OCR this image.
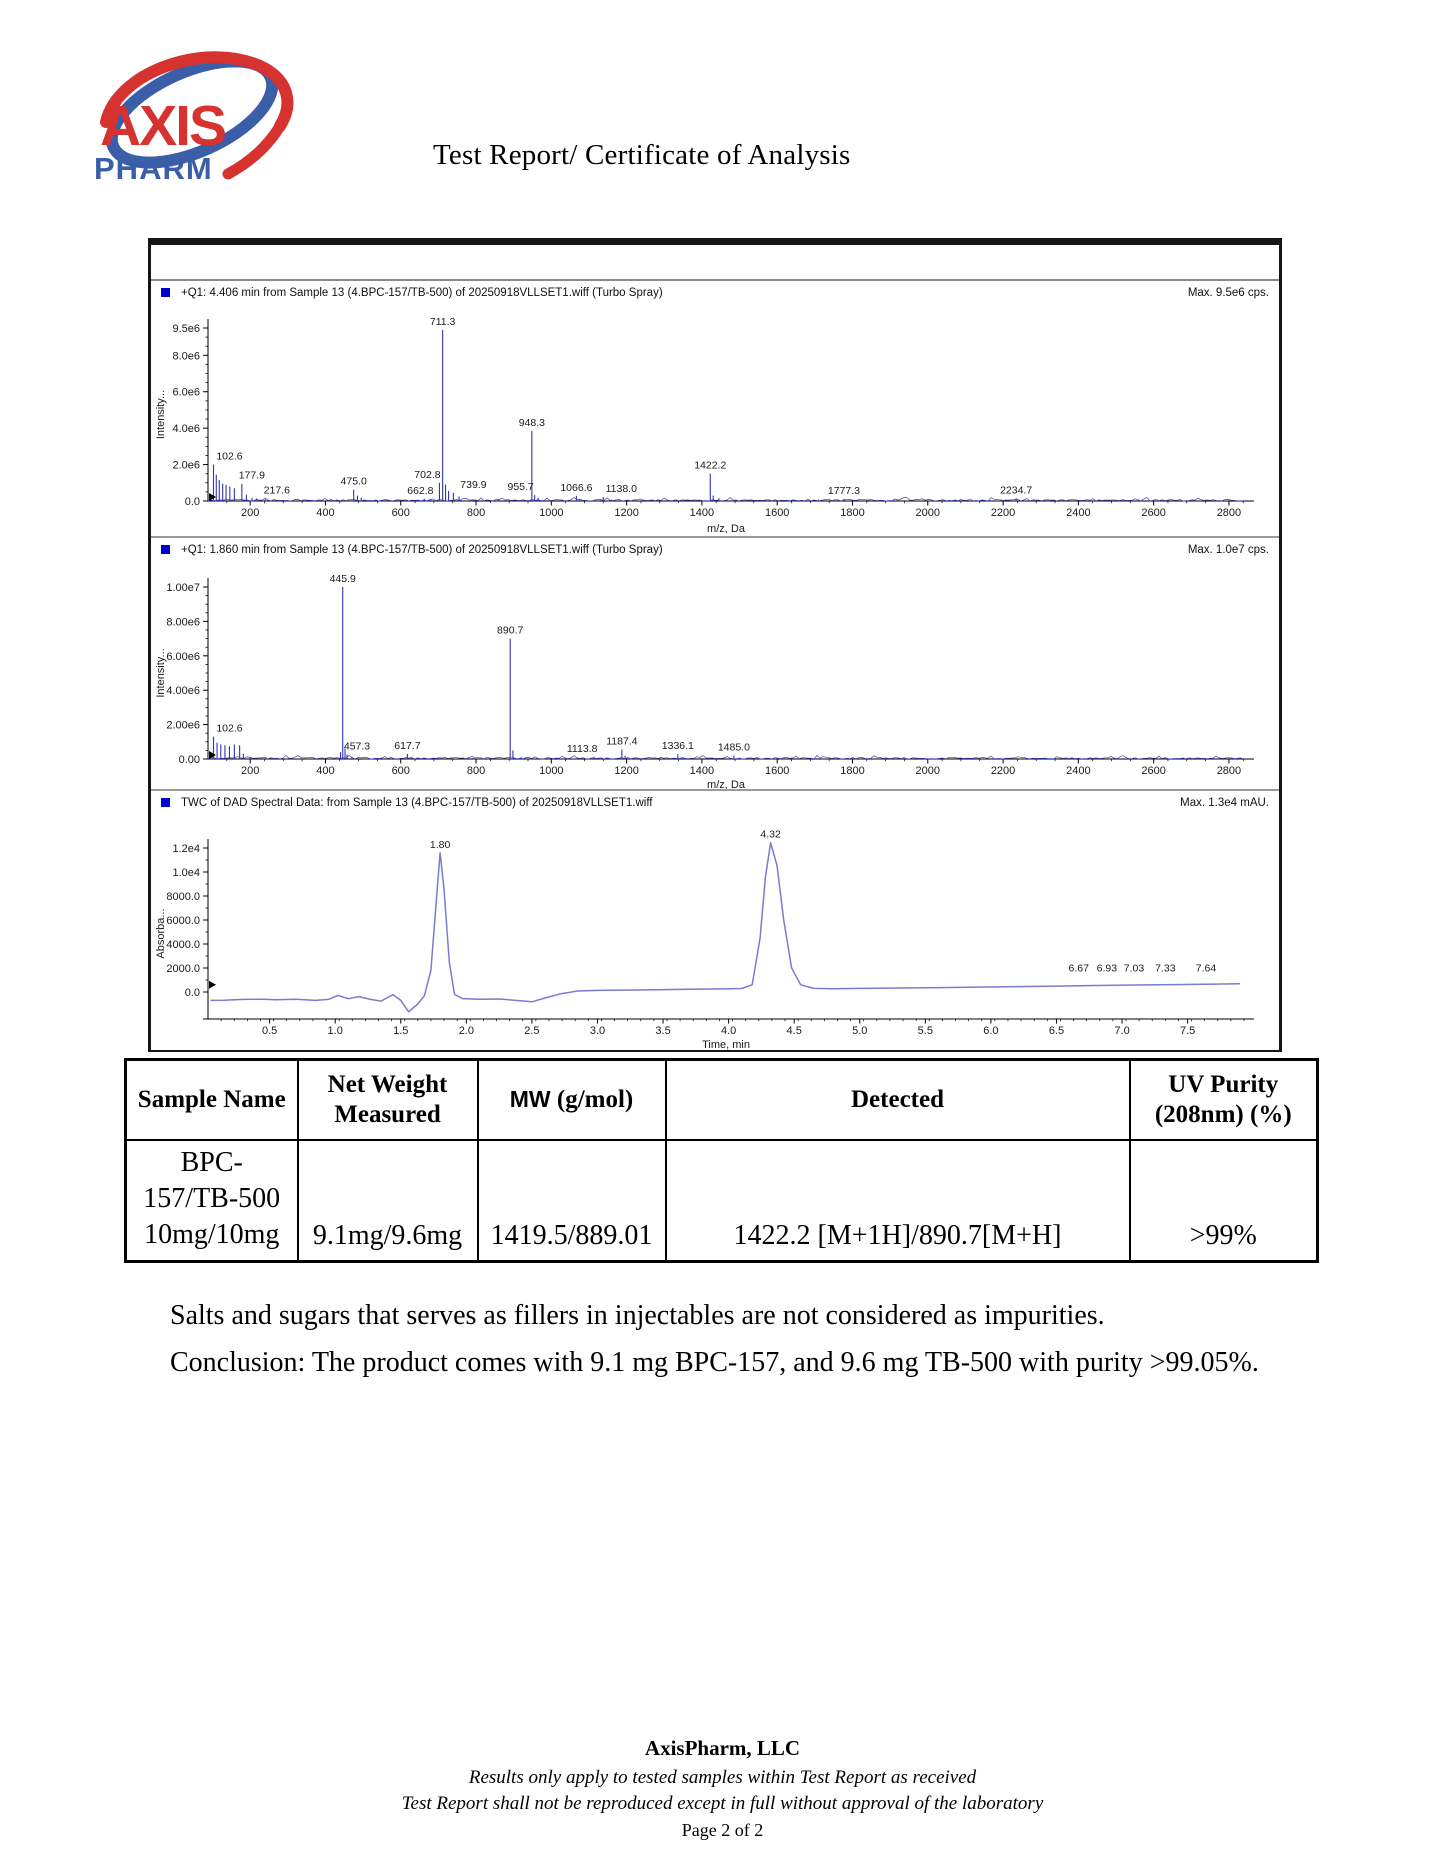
AXIS
PHARM	Test Report/ Certificate of Analysis
+Q1: 4.406 min from Sample 13 (4.BPC-157/TB-500) of 20250918VLLSET1.wiff (Turbo Spray)	Max. 9.5e6 cps.
0.0
2.0e6
4.0e6
6.0e6
8.0e6
9.5e6
200	400	600	800	1000	1200	1400	1600	1800	2000	2200	2400	2600	2800
m/z, Da
Intensity...
102.6
177.9
217.6
475.0
662.8
702.8
711.3
739.9
948.3
955.7	1066.6 1138.0
1422.2
1777.3	2234.7
+Q1: 1.860 min from Sample 13 (4.BPC-157/TB-500) of 20250918VLLSET1.wiff (Turbo Spray)	Max. 1.0e7 cps.
0.00
2.00e6
4.00e6
6.00e6
8.00e6
1.00e7
200	400	600	800	1000	1200	1400	1600	1800	2000	2200	2400	2600	2800
m/z, Da
Intensity...
102.6
445.9
457.3 617.7
890.7
1113.8
1187.4 1336.1 1485.0
TWC of DAD Spectral Data: from Sample 13 (4.BPC-157/TB-500) of 20250918VLLSET1.wiff	Max. 1.3e4 mAU.
0.0
2000.0
4000.0
6000.0
8000.0
1.0e4
1.2e4
0.5	1.0	1.5	2.0	2.5	3.0	3.5	4.0	4.5	5.0	5.5	6.0	6.5	7.0	7.5
Time, min
Absorba...
1.80
4.32
6.67 6.93 7.03 7.33 7.64
Sample Name	Net Weight Measured	MW (g/mol)	Detected	UV Purity (208nm) (%)

BPC-
157/TB-500
10mg/10mg	9.1mg/9.6mg	1419.5/889.01	1422.2 [M+1H]/890.7[M+H]	>99%
Salts and sugars that serves as fillers in injectables are not considered as impurities.
Conclusion: The product comes with 9.1 mg BPC-157, and 9.6 mg TB-500 with purity >99.05%.
AxisPharm, LLC
Results only apply to tested samples within Test Report as received
Test Report shall not be reproduced except in full without approval of the laboratory
Page 2 of 2
